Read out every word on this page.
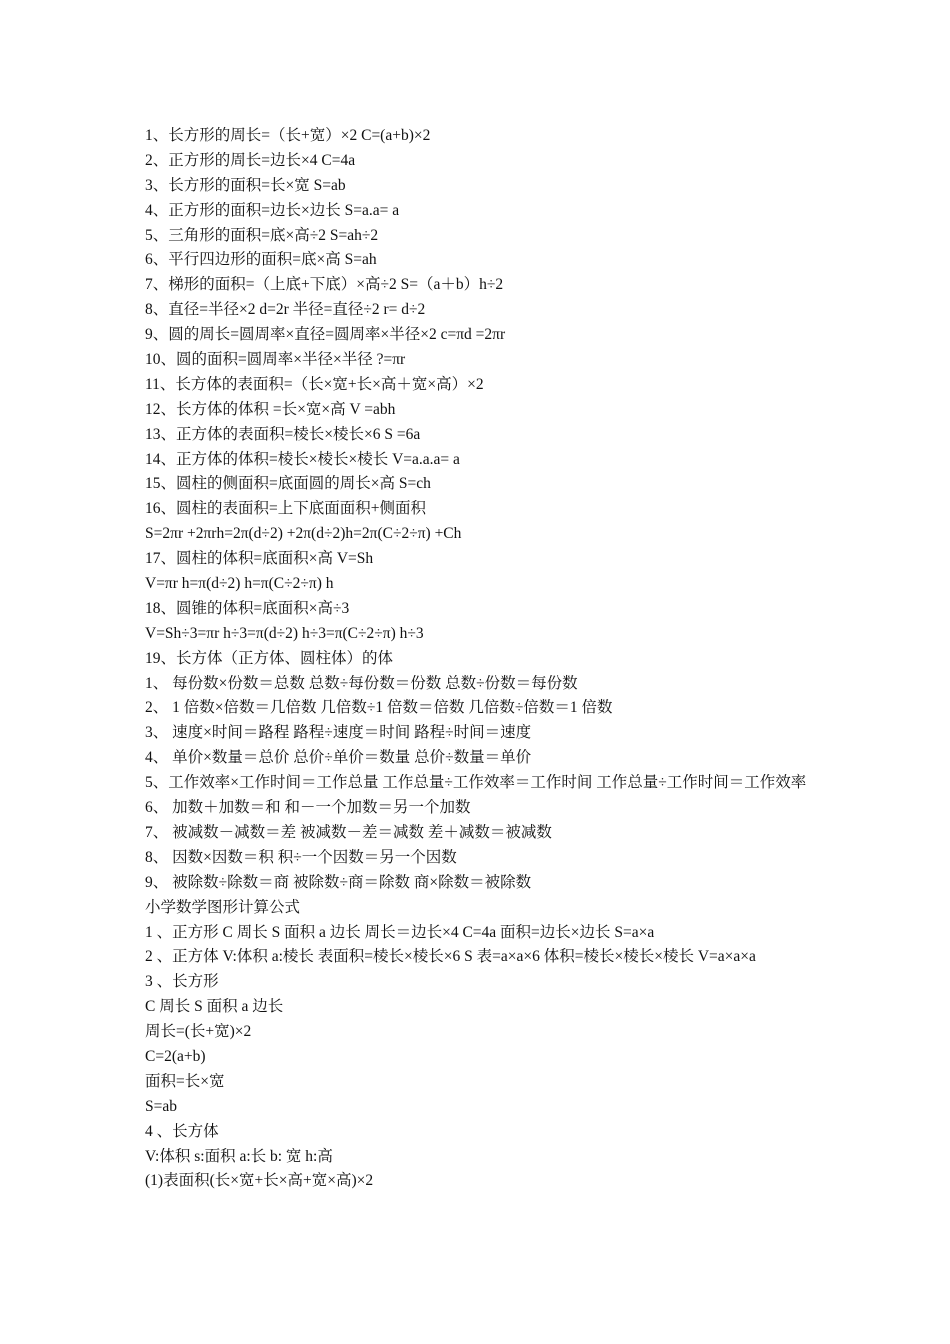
1、长方形的周长=（长+宽）×2 C=(a+b)×2
2、正方形的周长=边长×4 C=4a
3、长方形的面积=长×宽 S=ab
4、正方形的面积=边长×边长 S=a.a= a
5、三角形的面积=底×高÷2 S=ah÷2
6、平行四边形的面积=底×高 S=ah
7、梯形的面积=（上底+下底）×高÷2 S=（a＋b）h÷2
8、直径=半径×2 d=2r 半径=直径÷2 r= d÷2
9、圆的周长=圆周率×直径=圆周率×半径×2 c=πd =2πr
10、圆的面积=圆周率×半径×半径 ?=πr
11、长方体的表面积=（长×宽+长×高＋宽×高）×2
12、长方体的体积 =长×宽×高 V =abh
13、正方体的表面积=棱长×棱长×6 S =6a
14、正方体的体积=棱长×棱长×棱长 V=a.a.a= a
15、圆柱的侧面积=底面圆的周长×高 S=ch
16、圆柱的表面积=上下底面面积+侧面积
S=2πr +2πrh=2π(d÷2) +2π(d÷2)h=2π(C÷2÷π) +Ch
17、圆柱的体积=底面积×高 V=Sh
V=πr h=π(d÷2) h=π(C÷2÷π) h
18、圆锥的体积=底面积×高÷3
V=Sh÷3=πr h÷3=π(d÷2) h÷3=π(C÷2÷π) h÷3
19、长方体（正方体、圆柱体）的体
1、 每份数×份数＝总数 总数÷每份数＝份数 总数÷份数＝每份数
2、 1 倍数×倍数＝几倍数 几倍数÷1 倍数＝倍数 几倍数÷倍数＝1 倍数
3、 速度×时间＝路程 路程÷速度＝时间 路程÷时间＝速度
4、 单价×数量＝总价 总价÷单价＝数量 总价÷数量＝单价
5、工作效率×工作时间＝工作总量 工作总量÷工作效率＝工作时间 工作总量÷工作时间＝工作效率
6、 加数＋加数＝和 和－一个加数＝另一个加数
7、 被减数－减数＝差 被减数－差＝减数 差＋减数＝被减数
8、 因数×因数＝积 积÷一个因数＝另一个因数
9、 被除数÷除数＝商 被除数÷商＝除数 商×除数＝被除数
小学数学图形计算公式
1 、正方形 C 周长 S 面积 a 边长 周长＝边长×4 C=4a 面积=边长×边长 S=a×a
2 、正方体 V:体积 a:棱长 表面积=棱长×棱长×6 S 表=a×a×6 体积=棱长×棱长×棱长 V=a×a×a
3 、长方形
C 周长 S 面积 a 边长
周长=(长+宽)×2
C=2(a+b)
面积=长×宽
S=ab
4 、长方体
V:体积 s:面积 a:长 b: 宽 h:高
(1)表面积(长×宽+长×高+宽×高)×2
